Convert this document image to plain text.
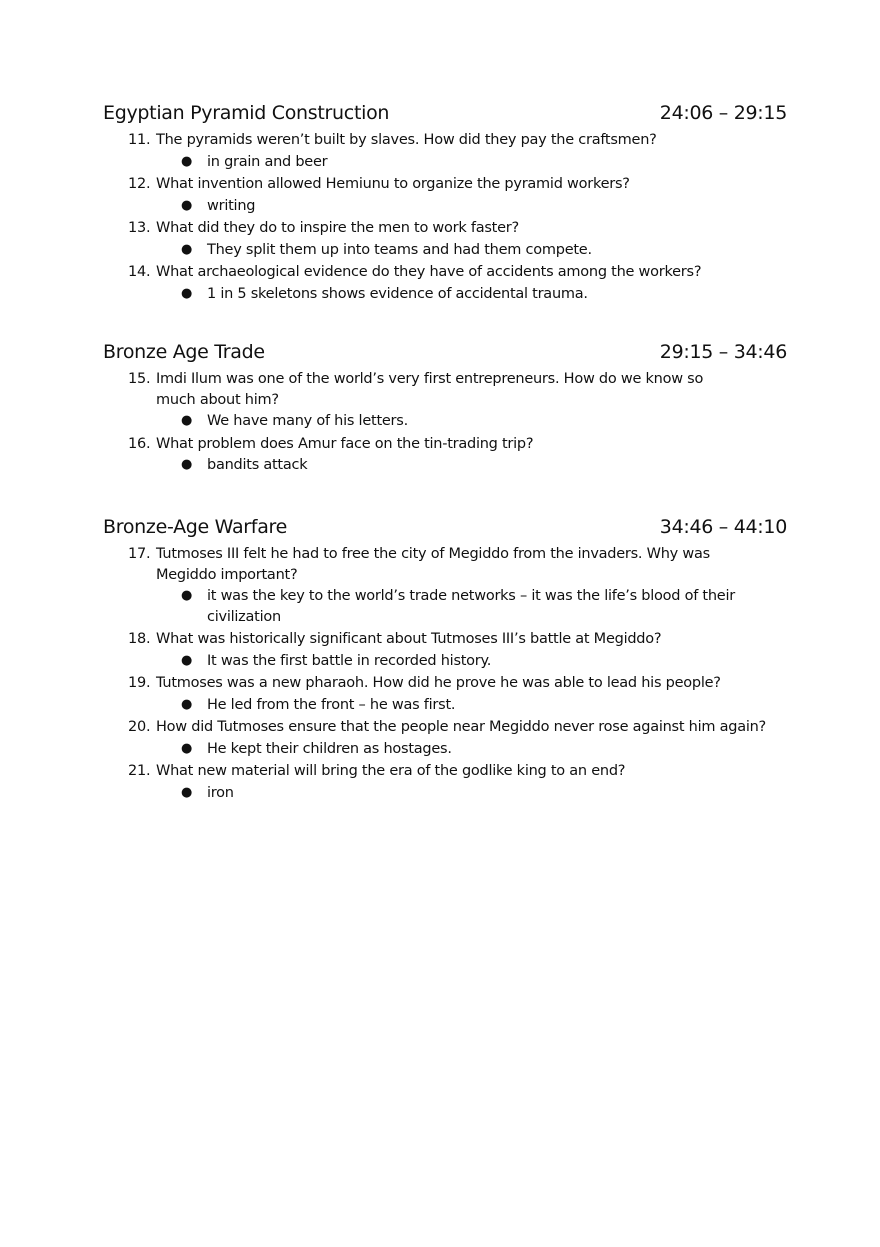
Egyptian Pyramid Construction	24:06 – 29:15
11. The pyramids weren’t built by slaves. How did they pay the craftsmen?
● in grain and beer
12. What invention allowed Hemiunu to organize the pyramid workers?
● writing
13. What did they do to inspire the men to work faster?
● They split them up into teams and had them compete.
14. What archaeological evidence do they have of accidents among the workers?
● 1 in 5 skeletons shows evidence of accidental trauma.
Bronze Age Trade	29:15 – 34:46
15. Imdi Ilum was one of the world’s very first entrepreneurs. How do we know so much about him?
● We have many of his letters.
16. What problem does Amur face on the tin-trading trip?
● bandits attack
Bronze-Age Warfare	34:46 – 44:10
17. Tutmoses III felt he had to free the city of Megiddo from the invaders. Why was Megiddo important?
● it was the key to the world’s trade networks – it was the life’s blood of their civilization
18. What was historically significant about Tutmoses III’s battle at Megiddo?
● It was the first battle in recorded history.
19. Tutmoses was a new pharaoh. How did he prove he was able to lead his people?
● He led from the front – he was first.
20. How did Tutmoses ensure that the people near Megiddo never rose against him again?
● He kept their children as hostages.
21. What new material will bring the era of the godlike king to an end?
● iron
